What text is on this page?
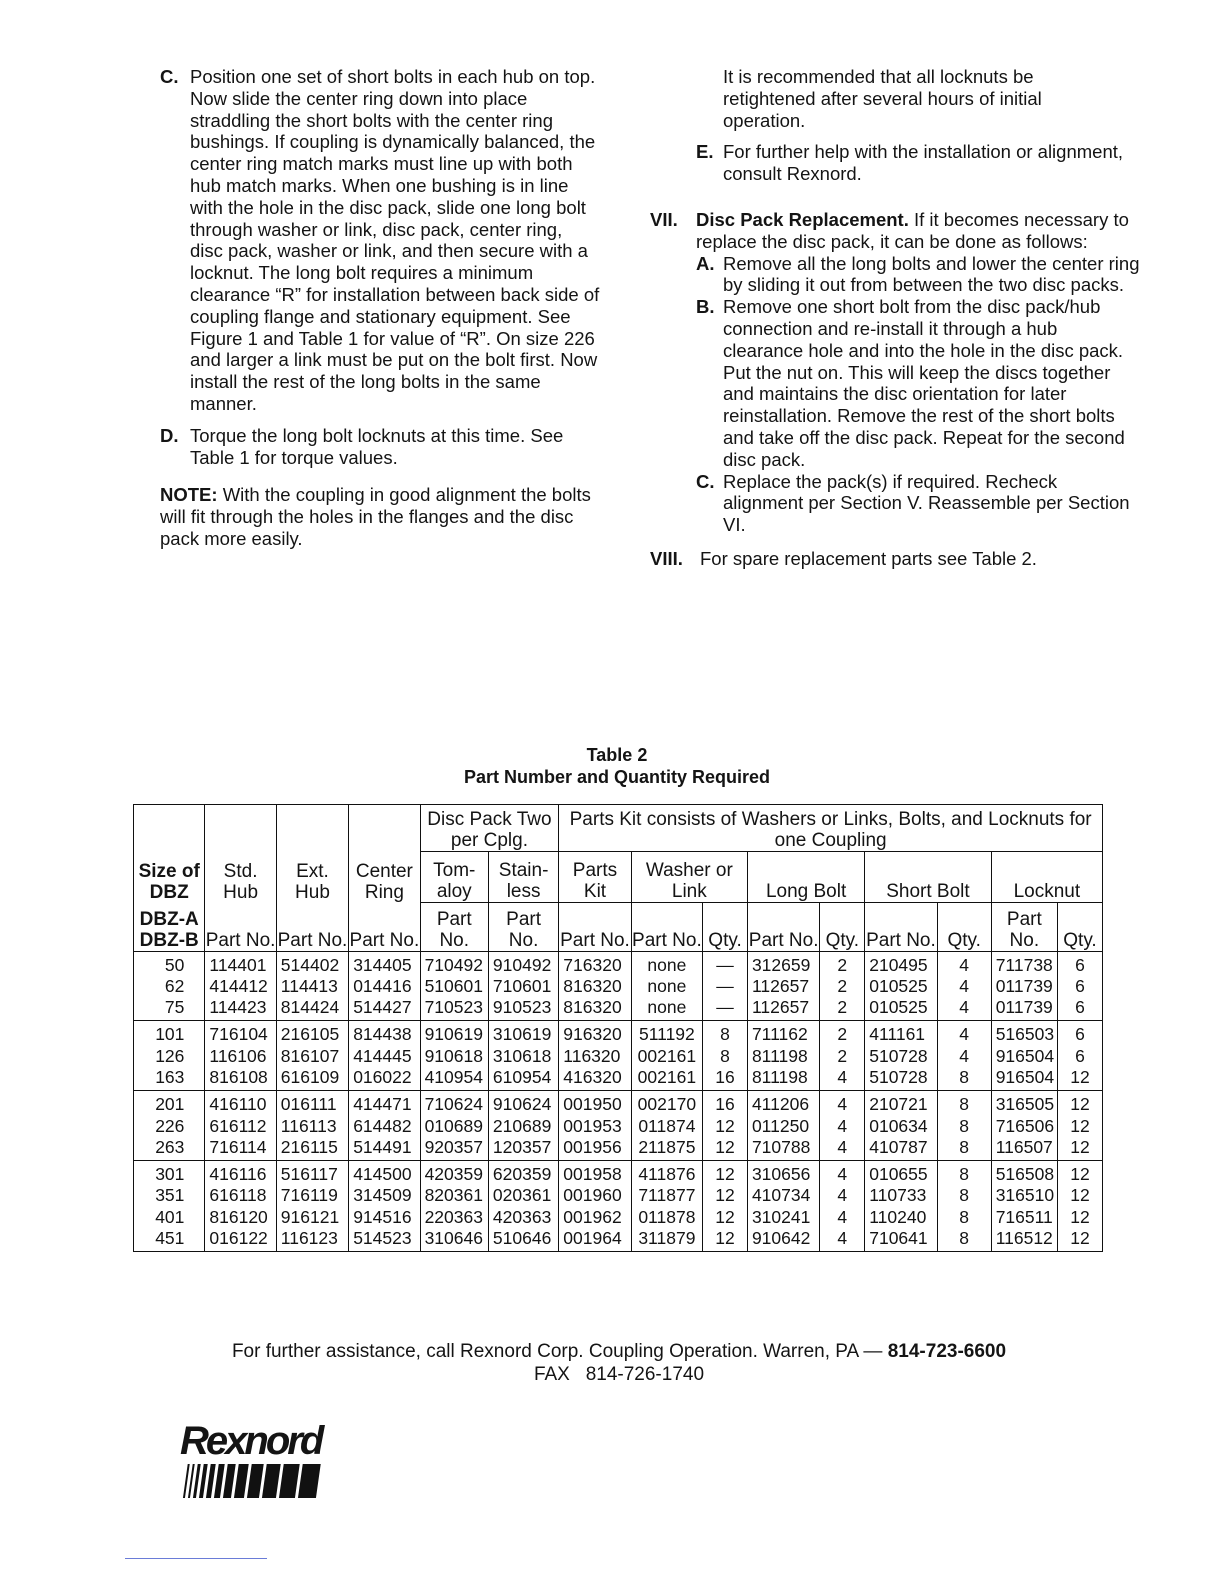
C. Position one set of short bolts in each hub on top. Now slide the center ring down into place straddling the short bolts with the center ring bushings. If coupling is dynamically balanced, the center ring match marks must line up with both hub match marks. When one bushing is in line with the hole in the disc pack, slide one long bolt through washer or link, disc pack, center ring, disc pack, washer or link, and then secure with a locknut. The long bolt requires a minimum clearance “R” for installation between back side of coupling flange and stationary equipment. See Figure 1 and Table 1 for value of “R”. On size 226 and larger a link must be put on the bolt first. Now install the rest of the long bolts in the same manner.
D. Torque the long bolt locknuts at this time. See Table 1 for torque values.
NOTE: With the coupling in good alignment the bolts will fit through the holes in the flanges and the disc pack more easily.
It is recommended that all locknuts be retightened after several hours of initial operation.
E. For further help with the installation or alignment, consult Rexnord.
VII. Disc Pack Replacement. If it becomes necessary to replace the disc pack, it can be done as follows:
A. Remove all the long bolts and lower the center ring by sliding it out from between the two disc packs.
B. Remove one short bolt from the disc pack/hub connection and re-install it through a hub clearance hole and into the hole in the disc pack. Put the nut on. This will keep the discs together and maintains the disc orientation for later reinstallation. Remove the rest of the short bolts and take off the disc pack. Repeat for the second disc pack.
C. Replace the pack(s) if required. Recheck alignment per Section V. Reassemble per Section VI.
VIII. For spare replacement parts see Table 2.
Table 2
Part Number and Quantity Required
Size of DBZ	Std. Hub	Ext. Hub	Center Ring	Disc Pack Two per Cplg.		Parts Kit consists of Washers or Links, Bolts, and Locknuts for one Coupling								
				Tom- aloy	Stain- less	Parts Kit	Washer or Link		Long Bolt		Short Bolt		Locknut	
DBZ-A DBZ-B	Part No.	Part No.	Part No.	Part No.	Part No.	Part No.	Part No.	Qty.	Part No.	Qty.	Part No.	Qty.	Part No.	Qty.
50	114401	514402	314405	710492	910492	716320	none	—	312659	2	210495	4	711738	6
62	414412	114413	014416	510601	710601	816320	none	—	112657	2	010525	4	011739	6
75	114423	814424	514427	710523	910523	816320	none	—	112657	2	010525	4	011739	6
101	716104	216105	814438	910619	310619	916320	511192	8	711162	2	411161	4	516503	6
126	116106	816107	414445	910618	310618	116320	002161	8	811198	2	510728	4	916504	6
163	816108	616109	016022	410954	610954	416320	002161	16	811198	4	510728	8	916504	12
201	416110	016111	414471	710624	910624	001950	002170	16	411206	4	210721	8	316505	12
226	616112	116113	614482	010689	210689	001953	011874	12	011250	4	010634	8	716506	12
263	716114	216115	514491	920357	120357	001956	211875	12	710788	4	410787	8	116507	12
301	416116	516117	414500	420359	620359	001958	411876	12	310656	4	010655	8	516508	12
351	616118	716119	314509	820361	020361	001960	711877	12	410734	4	110733	8	316510	12
401	816120	916121	914516	220363	420363	001962	011878	12	310241	4	110240	8	716511	12
451	016122	116123	514523	310646	510646	001964	311879	12	910642	4	710641	8	116512	12
For further assistance, call Rexnord Corp. Coupling Operation. Warren, PA — 814-723-6600
FAX 814-726-1740
Rexnord
